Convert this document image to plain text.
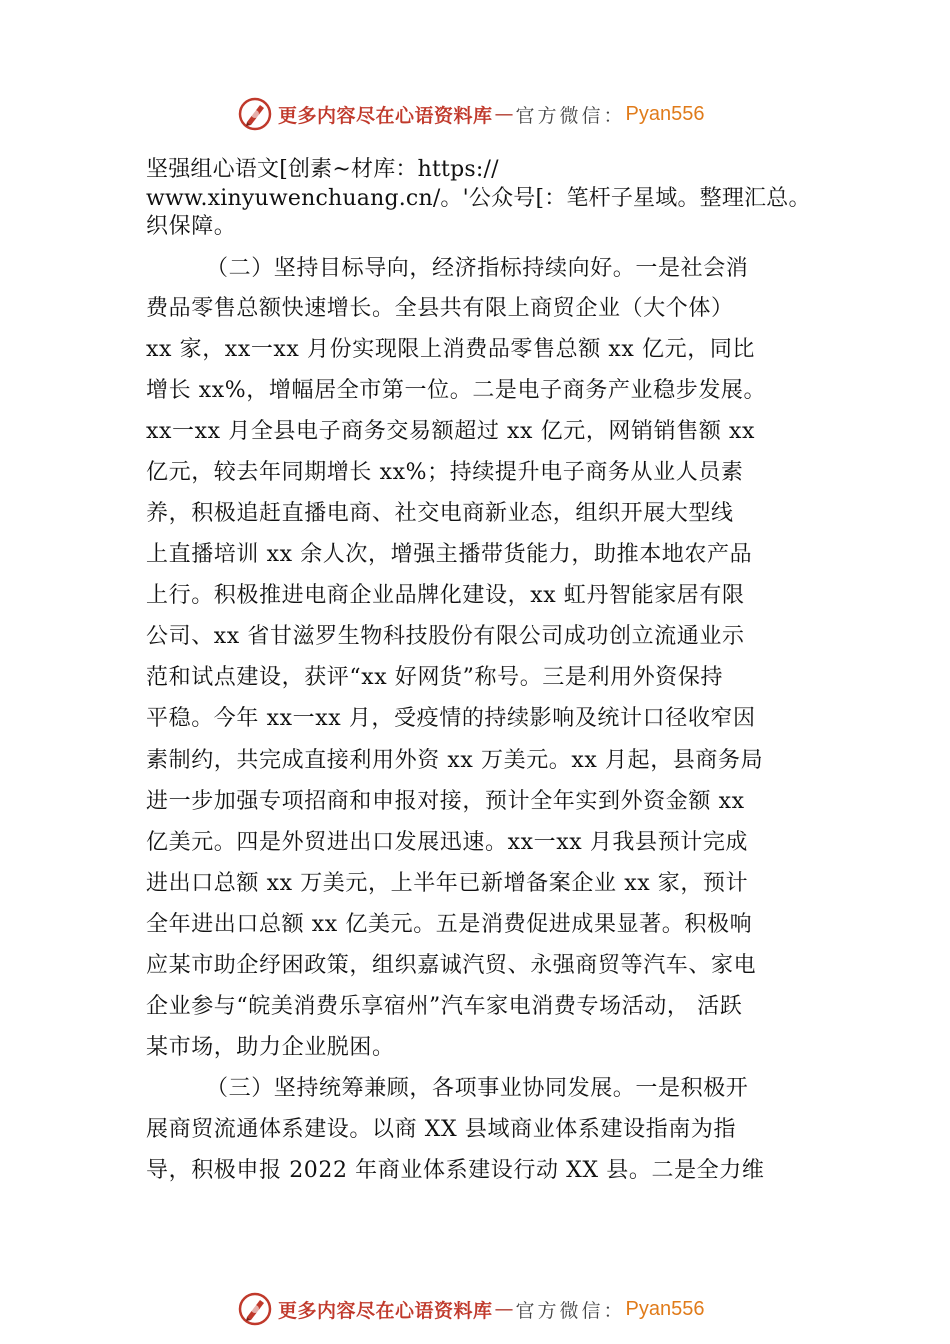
更多内容尽在心语资料库 — 官方微信： Pyan556
坚强组心语文[创素~材库：https://
www.xinyuwenchuang.cn/。'公众号[：笔杆子星域。整理汇总。
织保障。
（二）坚持目标导向，经济指标持续向好。一是社会消
费品零售总额快速增长。全县共有限上商贸企业（大个体）
xx 家，xx一xx 月份实现限上消费品零售总额 xx 亿元，同比
增长 xx%，增幅居全市第一位。二是电子商务产业稳步发展。
xx一xx 月全县电子商务交易额超过 xx 亿元，网销销售额 xx
亿元，较去年同期增长 xx%；持续提升电子商务从业人员素
养，积极追赶直播电商、社交电商新业态，组织开展大型线
上直播培训 xx 余人次，增强主播带货能力，助推本地农产品
上行。积极推进电商企业品牌化建设，xx 虹丹智能家居有限
公司、xx 省甘滋罗生物科技股份有限公司成功创立流通业示
范和试点建设，获评“xx 好网货”称号。三是利用外资保持
平稳。今年 xx一xx 月，受疫情的持续影响及统计口径收窄因
素制约，共完成直接利用外资 xx 万美元。xx 月起，县商务局
进一步加强专项招商和申报对接，预计全年实到外资金额 xx
亿美元。四是外贸进出口发展迅速。xx一xx 月我县预计完成
进出口总额 xx 万美元，上半年已新增备案企业 xx 家，预计
全年进出口总额 xx 亿美元。五是消费促进成果显著。积极响
应某市助企纾困政策，组织嘉诚汽贸、永强商贸等汽车、家电
企业参与“皖美消费乐享宿州”汽车家电消费专场活动， 活跃
某市场，助力企业脱困。
（三）坚持统筹兼顾，各项事业协同发展。一是积极开
展商贸流通体系建设。以商 XX 县域商业体系建设指南为指
导，积极申报 2022 年商业体系建设行动 XX 县。二是全力维
更多内容尽在心语资料库 — 官方微信： Pyan556
